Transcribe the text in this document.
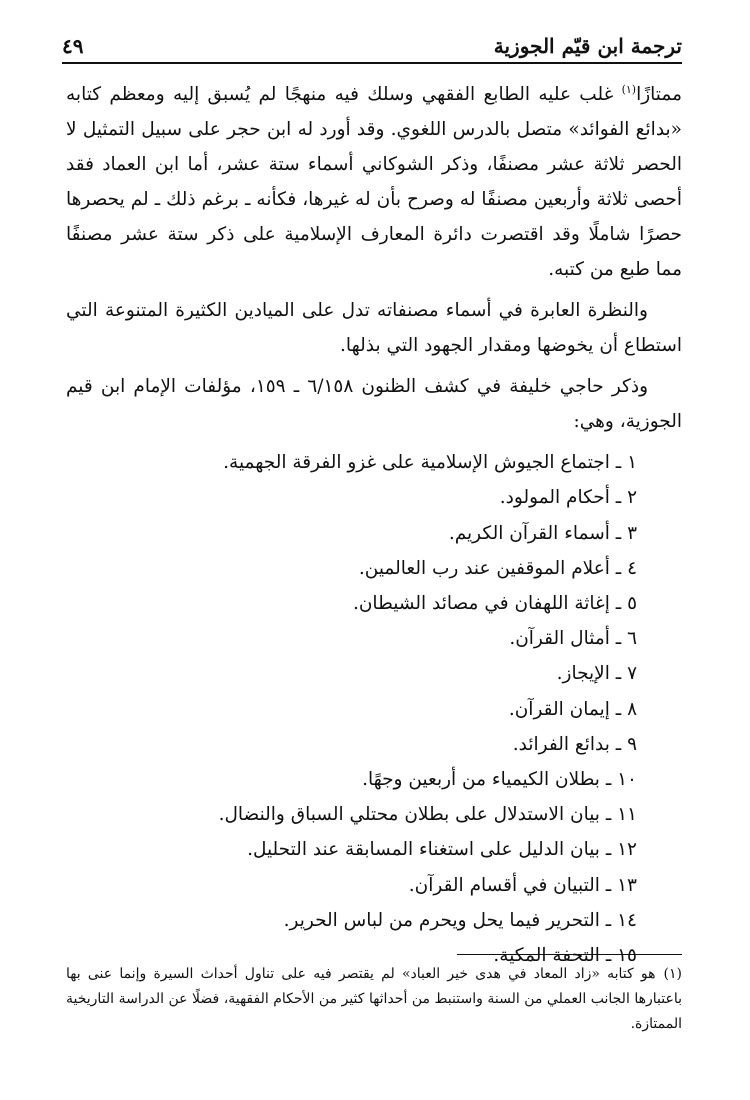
ترجمة ابن قيّم الجوزية
٤٩

ممتازًا$^{(١)}$ غلب عليه الطابع الفقهي وسلك فيه منهجًا لم يُسبق إليه ومعظم كتابه «بدائع الفوائد» متصل بالدرس اللغوي. وقد أورد له ابن حجر على سبيل التمثيل لا الحصر ثلاثة عشر مصنفًا، وذكر الشوكاني أسماء ستة عشر، أما ابن العماد فقد أحصى ثلاثة وأربعين مصنفًا له وصرح بأن له غيرها، فكأنه ـ برغم ذلك ـ لم يحصرها حصرًا شاملًا وقد اقتصرت دائرة المعارف الإسلامية على ذكر ستة عشر مصنفًا مما طبع من كتبه.

والنظرة العابرة في أسماء مصنفاته تدل على الميادين الكثيرة المتنوعة التي استطاع أن يخوضها ومقدار الجهود التي بذلها.

وذكر حاجي خليفة في كشف الظنون ٦/١٥٨ ـ ١٥٩، مؤلفات الإمام ابن قيم الجوزية، وهي:

١ ـ اجتماع الجيوش الإسلامية على غزو الفرقة الجهمية.
٢ ـ أحكام المولود.
٣ ـ أسماء القرآن الكريم.
٤ ـ أعلام الموقفين عند رب العالمين.
٥ ـ إغاثة اللهفان في مصائد الشيطان.
٦ ـ أمثال القرآن.
٧ ـ الإيجاز.
٨ ـ إيمان القرآن.
٩ ـ بدائع الفرائد.
١٠ ـ بطلان الكيمياء من أربعين وجهًا.
١١ ـ بيان الاستدلال على بطلان محتلي السباق والنضال.
١٢ ـ بيان الدليل على استغناء المسابقة عند التحليل.
١٣ ـ التبيان في أقسام القرآن.
١٤ ـ التحرير فيما يحل ويحرم من لباس الحرير.
١٥ ـ التحفة المكية.
(١)هو كتابه «زاد المعاد في هدى خير العباد» لم يقتصر فيه على تناول أحداث السيرة وإنما عنى بها باعتبارها الجانب العملي من السنة واستنبط من أحداثها كثير من الأحكام الفقهية، فضلًا عن الدراسة التاريخية الممتازة.
